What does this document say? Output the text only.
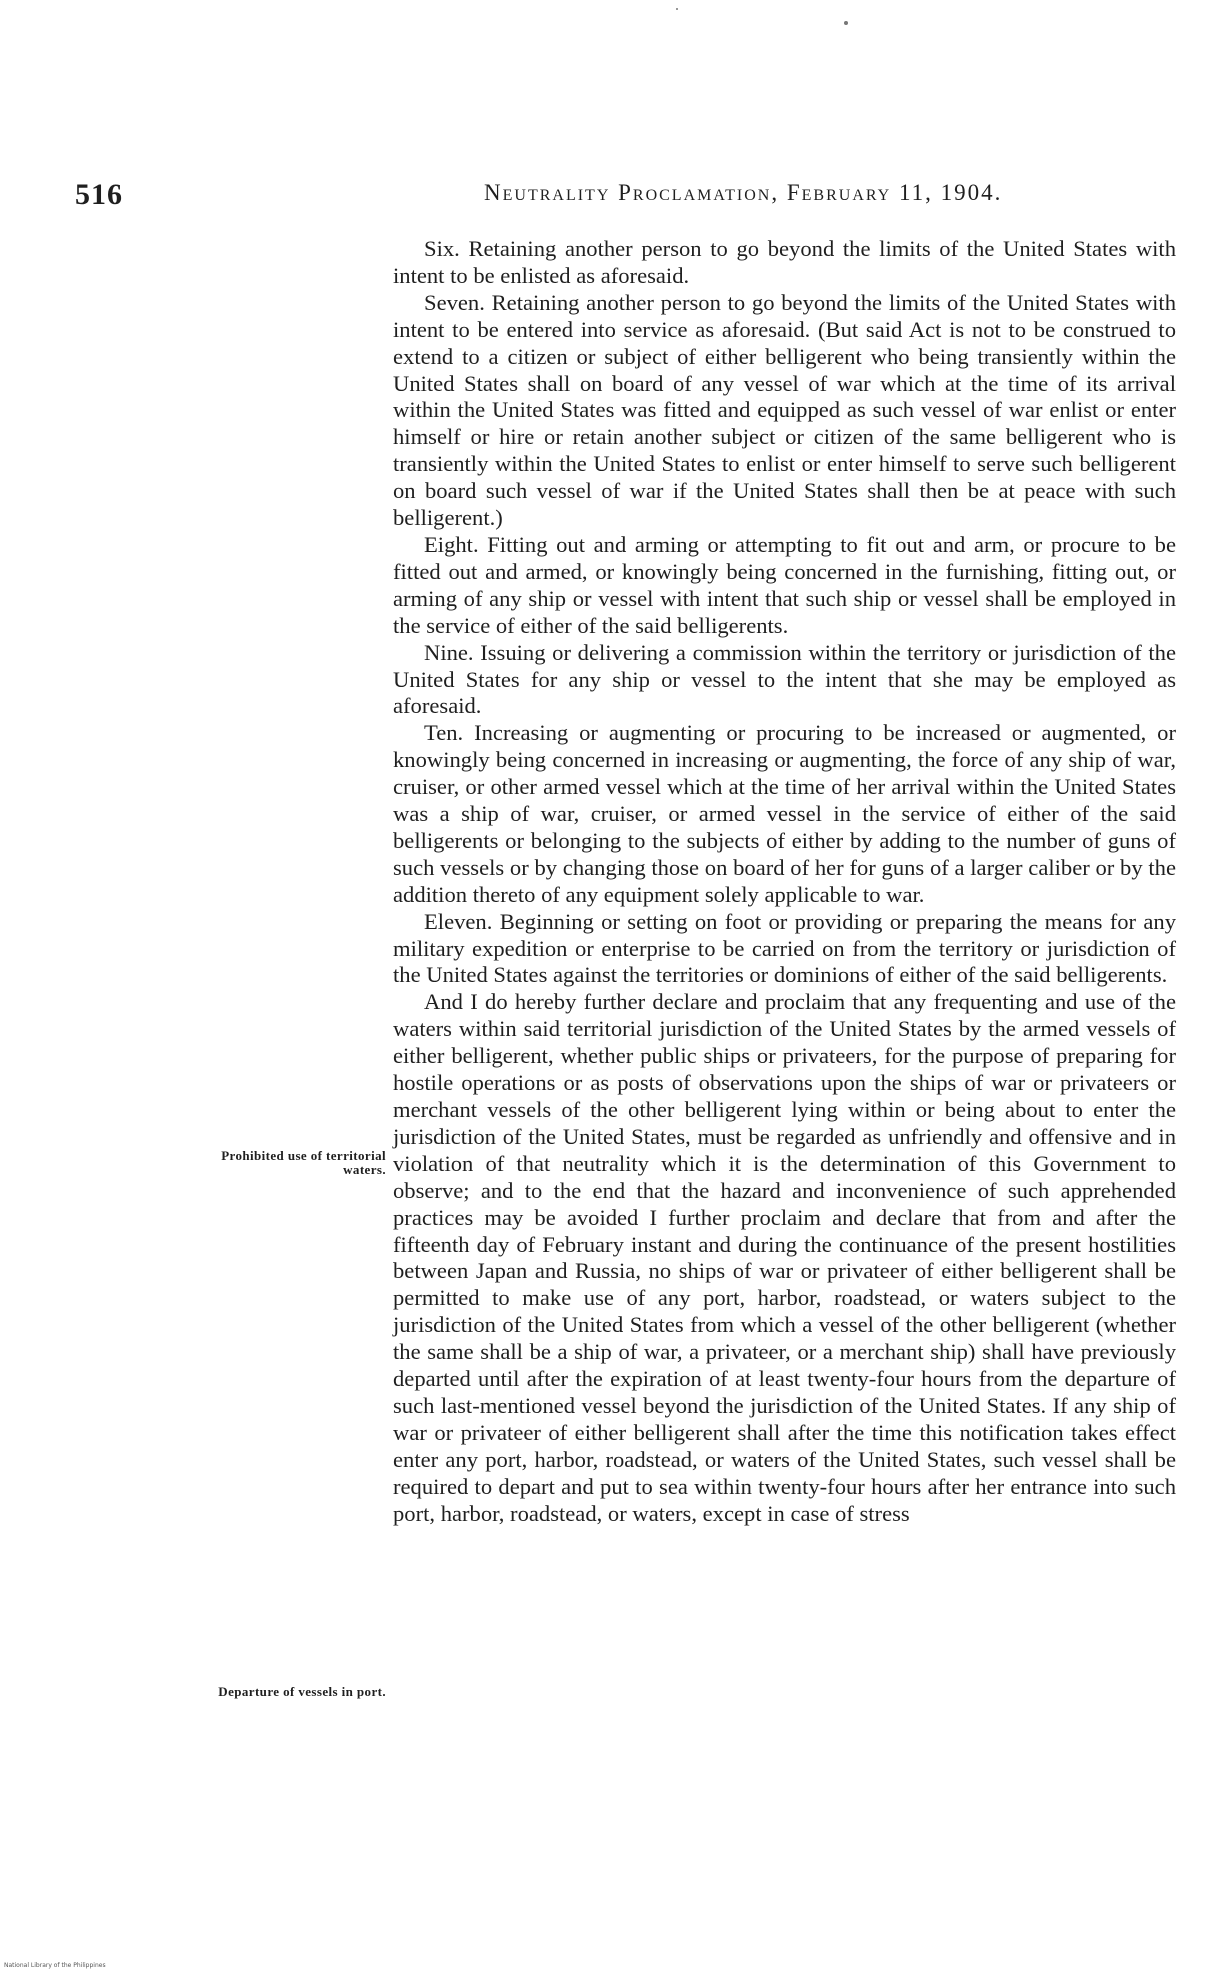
516	Neutrality Proclamation, February 11, 1904.
Prohibited use of territorial waters.
Departure of vessels in port.

Six. Retaining another person to go beyond the limits of the United States with intent to be enlisted as aforesaid.

Seven. Retaining another person to go beyond the limits of the United States with intent to be entered into service as aforesaid. (But said Act is not to be construed to extend to a citizen or subject of either belligerent who being transiently within the United States shall on board of any vessel of war which at the time of its arrival within the United States was fitted and equipped as such vessel of war enlist or enter himself or hire or retain another subject or citizen of the same belligerent who is transiently within the United States to enlist or enter himself to serve such belligerent on board such vessel of war if the United States shall then be at peace with such belligerent.)

Eight. Fitting out and arming or attempting to fit out and arm, or procure to be fitted out and armed, or knowingly being concerned in the furnishing, fitting out, or arming of any ship or vessel with intent that such ship or vessel shall be employed in the service of either of the said belligerents.

Nine. Issuing or delivering a commission within the territory or jurisdiction of the United States for any ship or vessel to the intent that she may be employed as aforesaid.

Ten. Increasing or augmenting or procuring to be increased or augmented, or knowingly being concerned in increasing or augmenting, the force of any ship of war, cruiser, or other armed vessel which at the time of her arrival within the United States was a ship of war, cruiser, or armed vessel in the service of either of the said belligerents or belonging to the subjects of either by adding to the number of guns of such vessels or by changing those on board of her for guns of a larger caliber or by the addition thereto of any equipment solely applicable to war.

Eleven. Beginning or setting on foot or providing or preparing the means for any military expedition or enterprise to be carried on from the territory or jurisdiction of the United States against the territories or dominions of either of the said belligerents.

And I do hereby further declare and proclaim that any frequenting and use of the waters within said territorial jurisdiction of the United States by the armed vessels of either belligerent, whether public ships or privateers, for the purpose of preparing for hostile operations or as posts of observations upon the ships of war or privateers or merchant vessels of the other belligerent lying within or being about to enter the jurisdiction of the United States, must be regarded as unfriendly and offensive and in violation of that neutrality which it is the determination of this Government to observe; and to the end that the hazard and inconvenience of such apprehended practices may be avoided I further proclaim and declare that from and after the fifteenth day of February instant and during the continuance of the present hostilities between Japan and Russia, no ships of war or privateer of either belligerent shall be permitted to make use of any port, harbor, roadstead, or waters subject to the jurisdiction of the United States from which a vessel of the other belligerent (whether the same shall be a ship of war, a privateer, or a merchant ship) shall have previously departed until after the expiration of at least twenty-four hours from the departure of such last-mentioned vessel beyond the jurisdiction of the United States. If any ship of war or privateer of either belligerent shall after the time this notification takes effect enter any port, harbor, roadstead, or waters of the United States, such vessel shall be required to depart and put to sea within twenty-four hours after her entrance into such port, harbor, roadstead, or waters, except in case of stress

National Library of the Philippines
